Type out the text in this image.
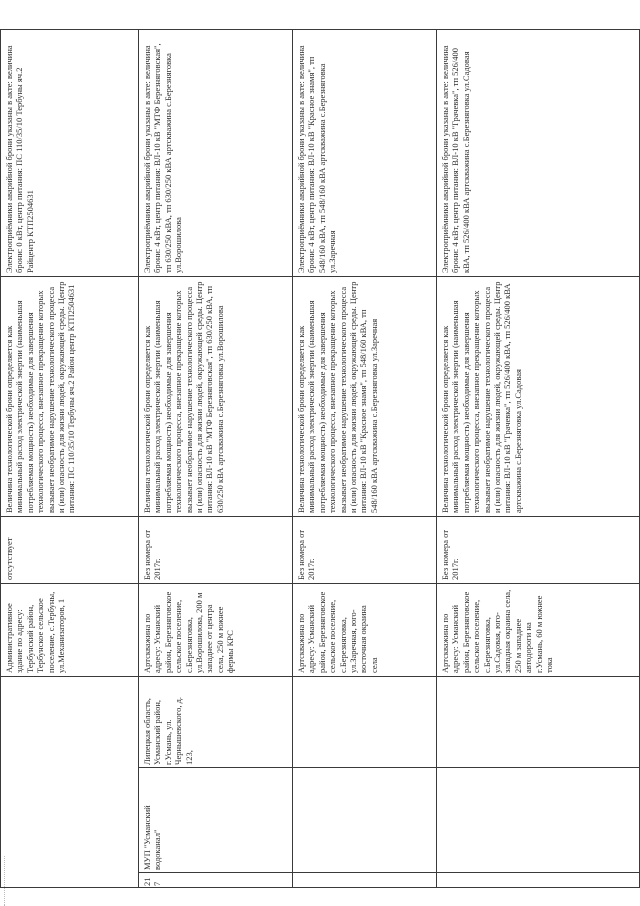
Административное здание по адресу: Тербунский район, Тербунское сельское поселение, с.Тербуны, ул.Механизаторов, 1
отсутствует
Величина технологической брони определяется как минимальный расход электрической энергии (наименьшая потребляемая мощность) необходимые для завершения технологического процесса, внезапное прекращение которых вызывает необратимое нарушение технологического процесса и (или) опасность для жизни людей, окружающей среды. Центр питания: ПС 110/35/10 Тербуны яч.2 Район центр КТП2504631
Электроприёмники аварийной брони указаны в акте: величина брони: 0 кВт, центр питания: ПС 110/35/10 Тербуны яч.2 Райцентр КТП2504631
217
МУП "Усманский водоканал"
Липецкая область, Усманский район, г.Усмань, ул. Чернышевского, д. 123,
Артскважина по адресу: Усманский район, Березняговское сельское поселение, с.Березняговка, ул.Ворошилова, 200 м западнее от центра села, 250 м южнее фермы КРС
Без номера от 2017г.
Величина технологической брони определяется как минимальный расход электрической энергии (наименьшая потребляемая мощность) необходимые для завершения технологического процесса, внезапное прекращение которых вызывает необратимое нарушение технологического процесса и (или) опасность для жизни людей, окружающей среды. Центр питания: ВЛ-10 кВ "МТФ Березняговская", тп 630/250 кВА, тп 630/250 кВА артскважина с.Березняговка ул.Ворошилова
Электроприёмники аварийной брони указаны в акте: величина брони: 4 кВт, центр питания: ВЛ-10 кВ "МТФ Березняговская", тп 630/250 кВА, тп 630/250 кВА артскважина с.Березняговка ул.Ворошилова
Артскважина по адресу: Усманский район, Березняговское сельское поселение, с.Березняговка, ул.Заречная, юго-восточная окраина села
Без номера от 2017г.
Величина технологической брони определяется как минимальный расход электрической энергии (наименьшая потребляемая мощность) необходимые для завершения технологического процесса, внезапное прекращение которых вызывает необратимое нарушение технологического процесса и (или) опасность для жизни людей, окружающей среды. Центр питания: ВЛ-10 кВ "Красное знамя", тп 548/160 кВА, тп 548/160 кВА артскважина с.Березняговка ул.Заречная
Электроприёмники аварийной брони указаны в акте: величина брони: 4 кВт, центр питания: ВЛ-10 кВ "Красное знамя", тп 548/160 кВА, тп 548/160 кВА артскважина с.Березняговка ул.Заречная
Артскважина по адресу: Усманский район, Березняговское сельское поселение, с.Березняговка, ул.Садовая, юго-западная окраина села, 250 м западнее автодороги на г.Усмань, 60 м южнее тока
Без номера от 2017г.
Величина технологической брони определяется как минимальный расход электрической энергии (наименьшая потребляемая мощность) необходимые для завершения технологического процесса, внезапное прекращение которых вызывает необратимое нарушение технологического процесса и (или) опасность для жизни людей, окружающей среды. Центр питания: ВЛ-10 кВ "Грачевка", тп 526/400 кВА, тп 526/400 кВА артскважина с.Березняговка ул.Садовая
Электроприёмники аварийной брони указаны в акте: величина брони: 4 кВт, центр питания: ВЛ-10 кВ "Грачевка", тп 526/400 кВА, тп 526/400 кВА артскважина с.Березняговка ул.Садовая
